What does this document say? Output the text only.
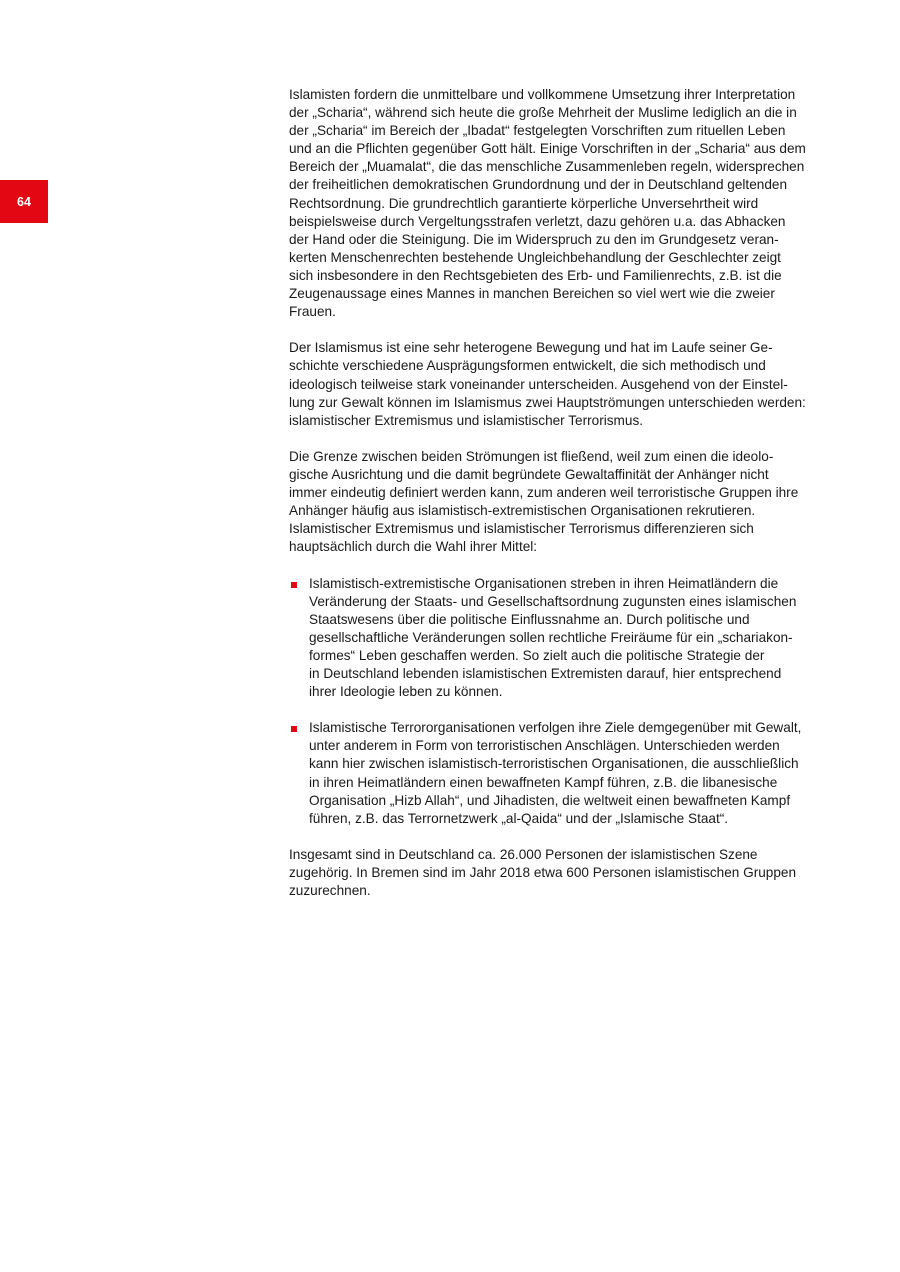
64
Islamisten fordern die unmittelbare und vollkommene Umsetzung ihrer Interpretation
der „Scharia“, während sich heute die große Mehrheit der Muslime lediglich an die in
der „Scharia“ im Bereich der „Ibadat“ festgelegten Vorschriften zum rituellen Leben
und an die Pflichten gegenüber Gott hält. Einige Vorschriften in der „Scharia“ aus dem
Bereich der „Muamalat“, die das menschliche Zusammenleben regeln, widersprechen
der freiheitlichen demokratischen Grundordnung und der in Deutschland geltenden
Rechtsordnung. Die grundrechtlich garantierte körperliche Unversehrtheit wird
beispielsweise durch Vergeltungsstrafen verletzt, dazu gehören u.a. das Abhacken
der Hand oder die Steinigung. Die im Widerspruch zu den im Grundgesetz veran-
kerten Menschenrechten bestehende Ungleichbehandlung der Geschlechter zeigt
sich insbesondere in den Rechtsgebieten des Erb- und Familienrechts, z.B. ist die
Zeugenaussage eines Mannes in manchen Bereichen so viel wert wie die zweier
Frauen.
Der Islamismus ist eine sehr heterogene Bewegung und hat im Laufe seiner Ge-
schichte verschiedene Ausprägungsformen entwickelt, die sich methodisch und
ideologisch teilweise stark voneinander unterscheiden. Ausgehend von der Einstel-
lung zur Gewalt können im Islamismus zwei Hauptströmungen unterschieden werden:
islamistischer Extremismus und islamistischer Terrorismus.
Die Grenze zwischen beiden Strömungen ist fließend, weil zum einen die ideolo-
gische Ausrichtung und die damit begründete Gewaltaffinität der Anhänger nicht
immer eindeutig definiert werden kann, zum anderen weil terroristische Gruppen ihre
Anhänger häufig aus islamistisch-extremistischen Organisationen rekrutieren.
Islamistischer Extremismus und islamistischer Terrorismus differenzieren sich
hauptsächlich durch die Wahl ihrer Mittel:
Islamistisch-extremistische Organisationen streben in ihren Heimatländern die
Veränderung der Staats- und Gesellschaftsordnung zugunsten eines islamischen
Staatswesens über die politische Einflussnahme an. Durch politische und
gesellschaftliche Veränderungen sollen rechtliche Freiräume für ein „schariakon-
formes“ Leben geschaffen werden. So zielt auch die politische Strategie der
in Deutschland lebenden islamistischen Extremisten darauf, hier entsprechend
ihrer Ideologie leben zu können.
Islamistische Terrororganisationen verfolgen ihre Ziele demgegenüber mit Gewalt,
unter anderem in Form von terroristischen Anschlägen. Unterschieden werden
kann hier zwischen islamistisch-terroristischen Organisationen, die ausschließlich
in ihren Heimatländern einen bewaffneten Kampf führen, z.B. die libanesische
Organisation „Hizb Allah“, und Jihadisten, die weltweit einen bewaffneten Kampf
führen, z.B. das Terrornetzwerk „al-Qaida“ und der „Islamische Staat“.
Insgesamt sind in Deutschland ca. 26.000 Personen der islamistischen Szene
zugehörig. In Bremen sind im Jahr 2018 etwa 600 Personen islamistischen Gruppen
zuzurechnen.
